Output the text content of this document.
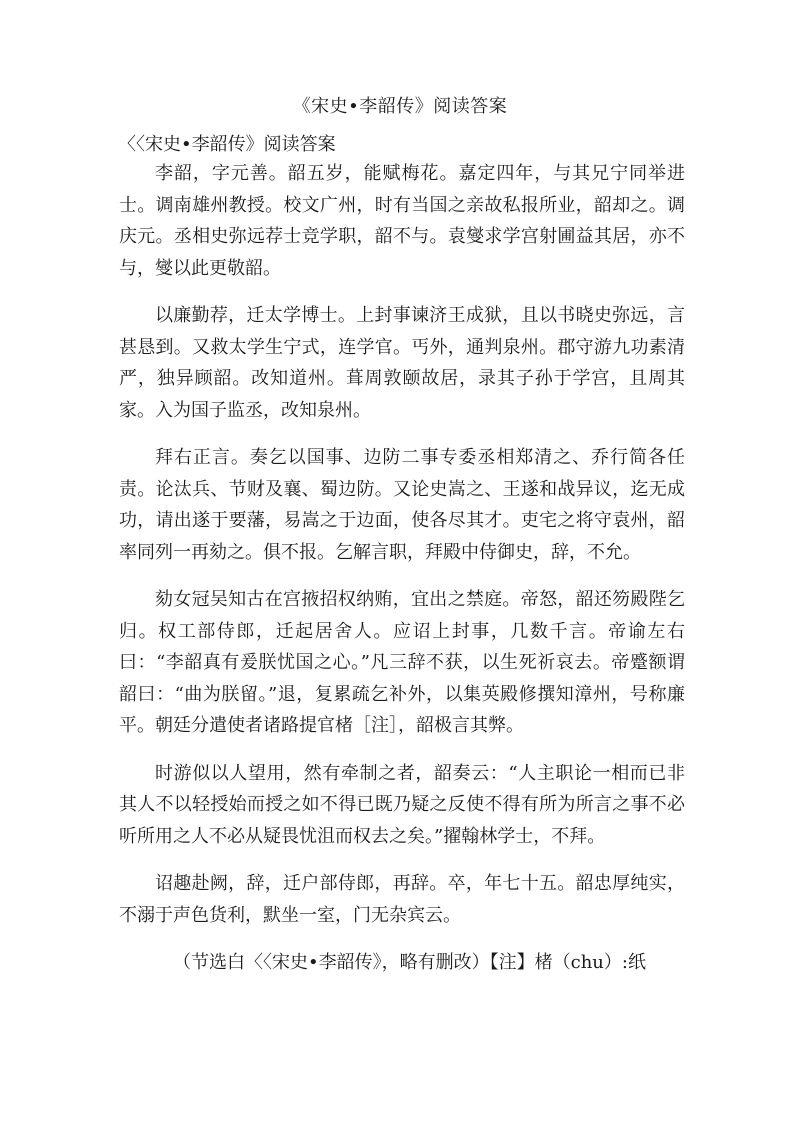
《宋史•李韶传》阅读答案
〈〈宋史•李韶传》阅读答案

李韶，字元善。韶五岁，能赋梅花。嘉定四年，与其兄宁同举进士。调南雄州教授。校文广州，时有当国之亲故私报所业，韶却之。调庆元。丞相史弥远荐士竞学职，韶不与。袁燮求学宫射圃益其居，亦不与，燮以此更敬韶。

以廉勤荐，迁太学博士。上封事谏济王成狱，且以书晓史弥远，言甚恳到。又救太学生宁式，连学官。丐外，通判泉州。郡守游九功素清严，独异顾韶。改知道州。葺周敦颐故居，录其子孙于学宫，且周其家。入为国子监丞，改知泉州。

拜右正言。奏乞以国事、边防二事专委丞相郑清之、乔行简各任责。论汰兵、节财及襄、蜀边防。又论史嵩之、王遂和战异议，迄无成功，请出遂于要藩，易嵩之于边面，使各尽其才。吏宅之将守袁州，韶率同列一再劾之。俱不报。乞解言职，拜殿中侍御史，辞，不允。

劾女冠吴知古在宫掖招权纳贿，宜出之禁庭。帝怒，韶还笏殿陛乞归。权工部侍郎，迁起居舍人。应诏上封事，几数千言。帝谕左右曰：“李韶真有爰朕忧国之心。”凡三辞不获，以生死祈哀去。帝蹙额谓韶曰：“曲为朕留。”退，复累疏乞补外，以集英殿修撰知漳州，号称廉平。朝廷分遣使者诸路提官楮［注］，韶极言其弊。

时游似以人望用，然有牵制之者，韶奏云：“人主职论一相而已非其人不以轻授始而授之如不得已既乃疑之反使不得有所为所言之事不必听所用之人不必从疑畏忧沮而权去之矣。”擢翰林学士，不拜。

诏趣赴阙，辞，迁户部侍郎，再辞。卒，年七十五。韶忠厚纯实，不溺于声色货利，默坐一室，门无杂宾云。

（节选白〈〈宋史•李韶传》，略有删改）【注】楮（chu）:纸
